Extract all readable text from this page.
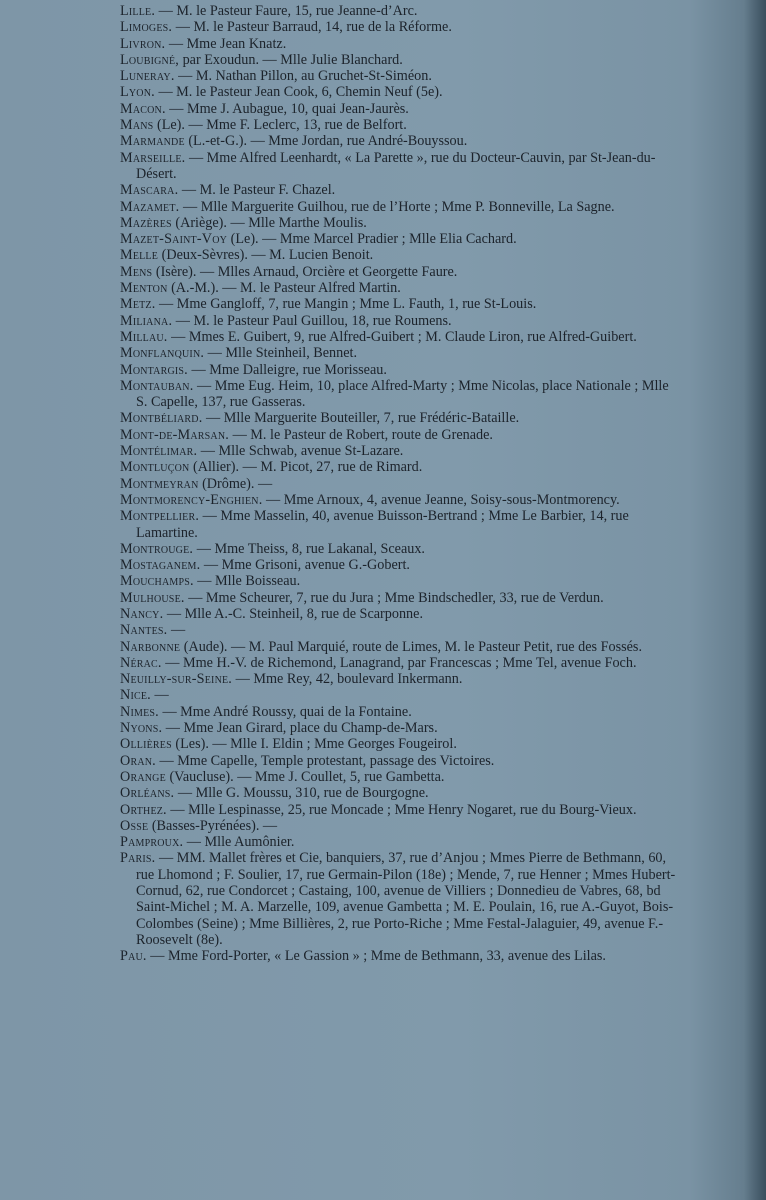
Lille. — M. le Pasteur Faure, 15, rue Jeanne-d’Arc.
Limoges. — M. le Pasteur Barraud, 14, rue de la Réforme.
Livron. — Mme Jean Knatz.
Loubigné, par Exoudun. — Mlle Julie Blanchard.
Luneray. — M. Nathan Pillon, au Gruchet-St-Siméon.
Lyon. — M. le Pasteur Jean Cook, 6, Chemin Neuf (5e).
Macon. — Mme J. Aubague, 10, quai Jean-Jaurès.
Mans (Le). — Mme F. Leclerc, 13, rue de Belfort.
Marmande (L.-et-G.). — Mme Jordan, rue André-Bouyssou.
Marseille. — Mme Alfred Leenhardt, « La Parette », rue du Docteur-Cauvin, par St-Jean-du-Désert.
Mascara. — M. le Pasteur F. Chazel.
Mazamet. — Mlle Marguerite Guilhou, rue de l’Horte ; Mme P. Bonneville, La Sagne.
Mazères (Ariège). — Mlle Marthe Moulis.
Mazet-Saint-Voy (Le). — Mme Marcel Pradier ; Mlle Elia Cachard.
Melle (Deux-Sèvres). — M. Lucien Benoit.
Mens (Isère). — Mlles Arnaud, Orcière et Georgette Faure.
Menton (A.-M.). — M. le Pasteur Alfred Martin.
Metz. — Mme Gangloff, 7, rue Mangin ; Mme L. Fauth, 1, rue St-Louis.
Miliana. — M. le Pasteur Paul Guillou, 18, rue Roumens.
Millau. — Mmes E. Guibert, 9, rue Alfred-Guibert ; M. Claude Liron, rue Alfred-Guibert.
Monflanquin. — Mlle Steinheil, Bennet.
Montargis. — Mme Dalleigre, rue Morisseau.
Montauban. — Mme Eug. Heim, 10, place Alfred-Marty ; Mme Nicolas, place Nationale ; Mlle S. Capelle, 137, rue Gasseras.
Montbéliard. — Mlle Marguerite Bouteiller, 7, rue Frédéric-Bataille.
Mont-de-Marsan. — M. le Pasteur de Robert, route de Grenade.
Montélimar. — Mlle Schwab, avenue St-Lazare.
Montluçon (Allier). — M. Picot, 27, rue de Rimard.
Montmeyran (Drôme). —
Montmorency-Enghien. — Mme Arnoux, 4, avenue Jeanne, Soisy-sous-Montmorency.
Montpellier. — Mme Masselin, 40, avenue Buisson-Bertrand ; Mme Le Barbier, 14, rue Lamartine.
Montrouge. — Mme Theiss, 8, rue Lakanal, Sceaux.
Mostaganem. — Mme Grisoni, avenue G.-Gobert.
Mouchamps. — Mlle Boisseau.
Mulhouse. — Mme Scheurer, 7, rue du Jura ; Mme Bindschedler, 33, rue de Verdun.
Nancy. — Mlle A.-C. Steinheil, 8, rue de Scarponne.
Nantes. —
Narbonne (Aude). — M. Paul Marquié, route de Limes, M. le Pasteur Petit, rue des Fossés.
Nérac. — Mme H.-V. de Richemond, Lanagrand, par Francescas ; Mme Tel, avenue Foch.
Neuilly-sur-Seine. — Mme Rey, 42, boulevard Inkermann.
Nice. —
Nimes. — Mme André Roussy, quai de la Fontaine.
Nyons. — Mme Jean Girard, place du Champ-de-Mars.
Ollières (Les). — Mlle I. Eldin ; Mme Georges Fougeirol.
Oran. — Mme Capelle, Temple protestant, passage des Victoires.
Orange (Vaucluse). — Mme J. Coullet, 5, rue Gambetta.
Orléans. — Mlle G. Moussu, 310, rue de Bourgogne.
Orthez. — Mlle Lespinasse, 25, rue Moncade ; Mme Henry Nogaret, rue du Bourg-Vieux.
Osse (Basses-Pyrénées). —
Pamproux. — Mlle Aumônier.
Paris. — MM. Mallet frères et Cie, banquiers, 37, rue d’Anjou ; Mmes Pierre de Bethmann, 60, rue Lhomond ; F. Soulier, 17, rue Germain-Pilon (18e) ; Mende, 7, rue Henner ; Mmes Hubert-Cornud, 62, rue Condorcet ; Castaing, 100, avenue de Villiers ; Donnedieu de Vabres, 68, bd Saint-Michel ; M. A. Marzelle, 109, avenue Gambetta ; M. E. Poulain, 16, rue A.-Guyot, Bois-Colombes (Seine) ; Mme Billières, 2, rue Porto-Riche ; Mme Festal-Jalaguier, 49, avenue F.-Roosevelt (8e).
Pau. — Mme Ford-Porter, « Le Gassion » ; Mme de Bethmann, 33, avenue des Lilas.
